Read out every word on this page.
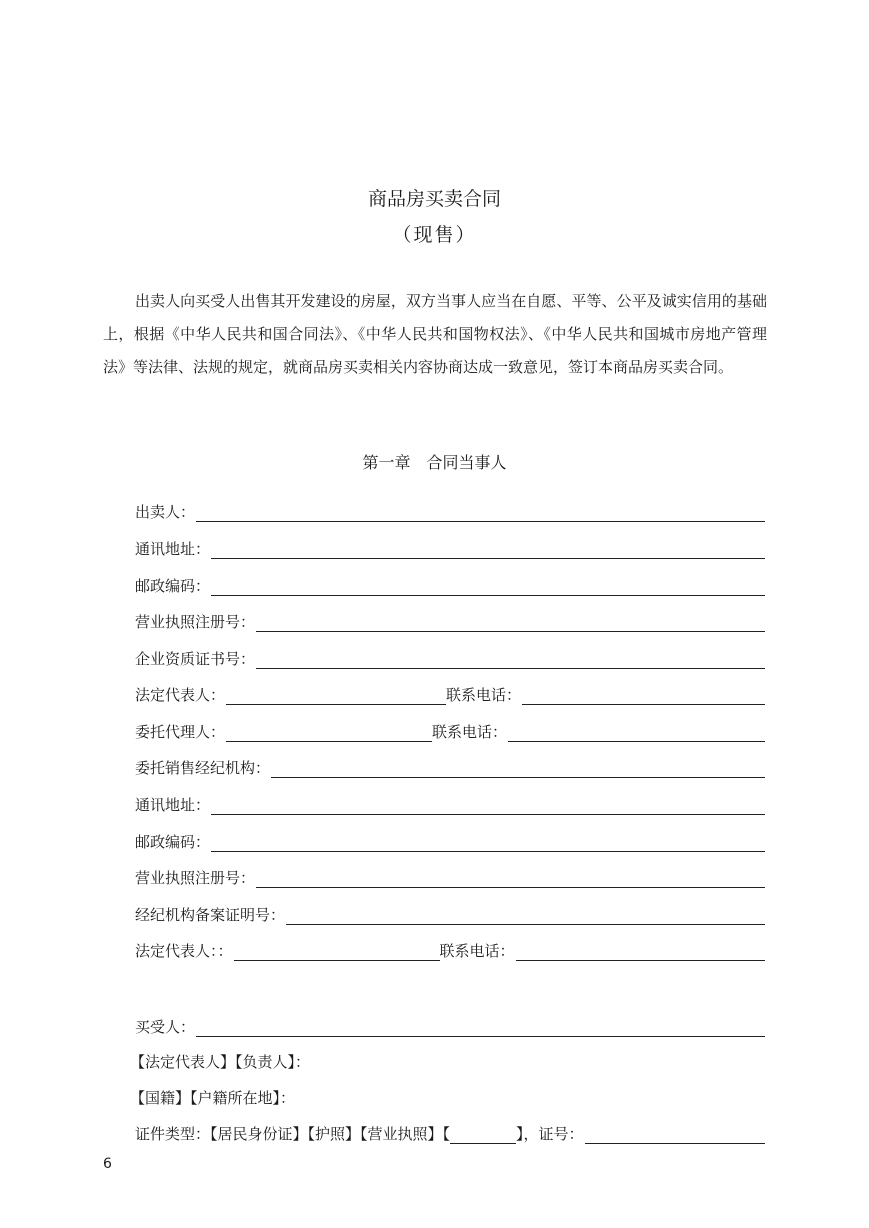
商品房买卖合同
（现售）

出卖人向买受人出售其开发建设的房屋，双方当事人应当在自愿、平等、公平及诚实信用的基础上，根据《中华人民共和国合同法》、《中华人民共和国物权法》、《中华人民共和国城市房地产管理法》等法律、法规的规定，就商品房买卖相关内容协商达成一致意见，签订本商品房买卖合同。

第一章　合同当事人
出卖人：
通讯地址：
邮政编码：
营业执照注册号：
企业资质证书号：
法定代表人：	联系电话：
委托代理人：	联系电话：
委托销售经纪机构：
通讯地址：
邮政编码：
营业执照注册号：
经纪机构备案证明号：
法定代表人：：	联系电话：
买受人：
【法定代表人】【负责人】：
【国籍】【户籍所在地】：
证件类型：【居民身份证】【护照】【营业执照】【	】，证号：
6
